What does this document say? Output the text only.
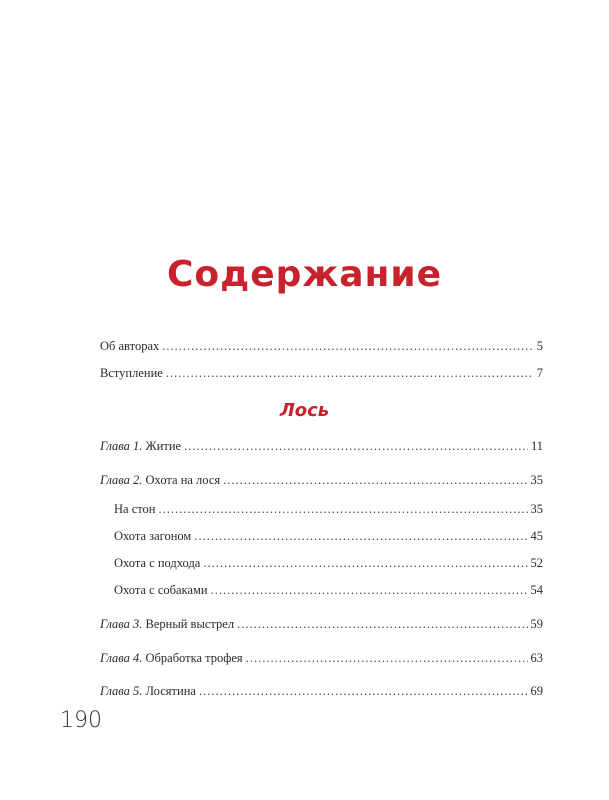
Содержание
Об авторах .....	5
Вступление .....	7
Лось
Глава 1. Житие .....	11
Глава 2. Охота на лося .....	35
На стон .....	35
Охота загоном .....	45
Охота с подхода .....	52
Охота с собаками .....	54
Глава 3. Верный выстрел .....	59
Глава 4. Обработка трофея .....	63
Глава 5. Лосятина .....	69
190
